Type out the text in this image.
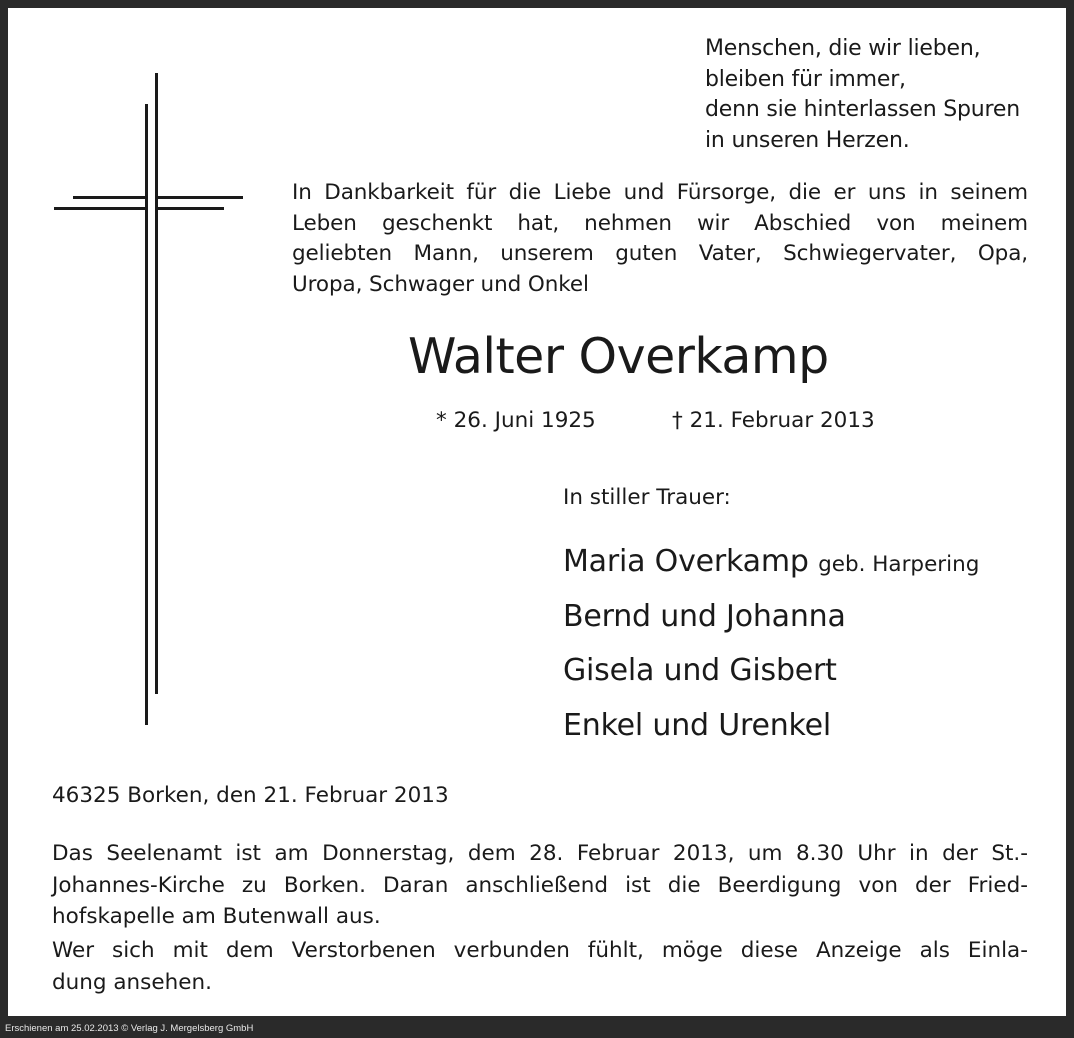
Menschen, die wir lieben,
bleiben für immer,
denn sie hinterlassen Spuren
in unseren Herzen.
In Dankbarkeit für die Liebe und Fürsorge, die er uns in seinem
Leben geschenkt hat, nehmen wir Abschied von meinem
geliebten Mann, unserem guten Vater, Schwiegervater, Opa,
Uropa, Schwager und Onkel
Walter Overkamp
* 26. Juni 1925	† 21. Februar 2013
In stiller Trauer:
Maria Overkamp geb. Harpering
Bernd und Johanna
Gisela und Gisbert
Enkel und Urenkel
46325 Borken, den 21. Februar 2013
Das Seelenamt ist am Donnerstag, dem 28. Februar 2013, um 8.30 Uhr in der St.-
Johannes-Kirche zu Borken. Daran anschließend ist die Beerdigung von der Fried-
hofskapelle am Butenwall aus.
Wer sich mit dem Verstorbenen verbunden fühlt, möge diese Anzeige als Einla-
dung ansehen.
Erschienen am 25.02.2013 © Verlag J. Mergelsberg GmbH
